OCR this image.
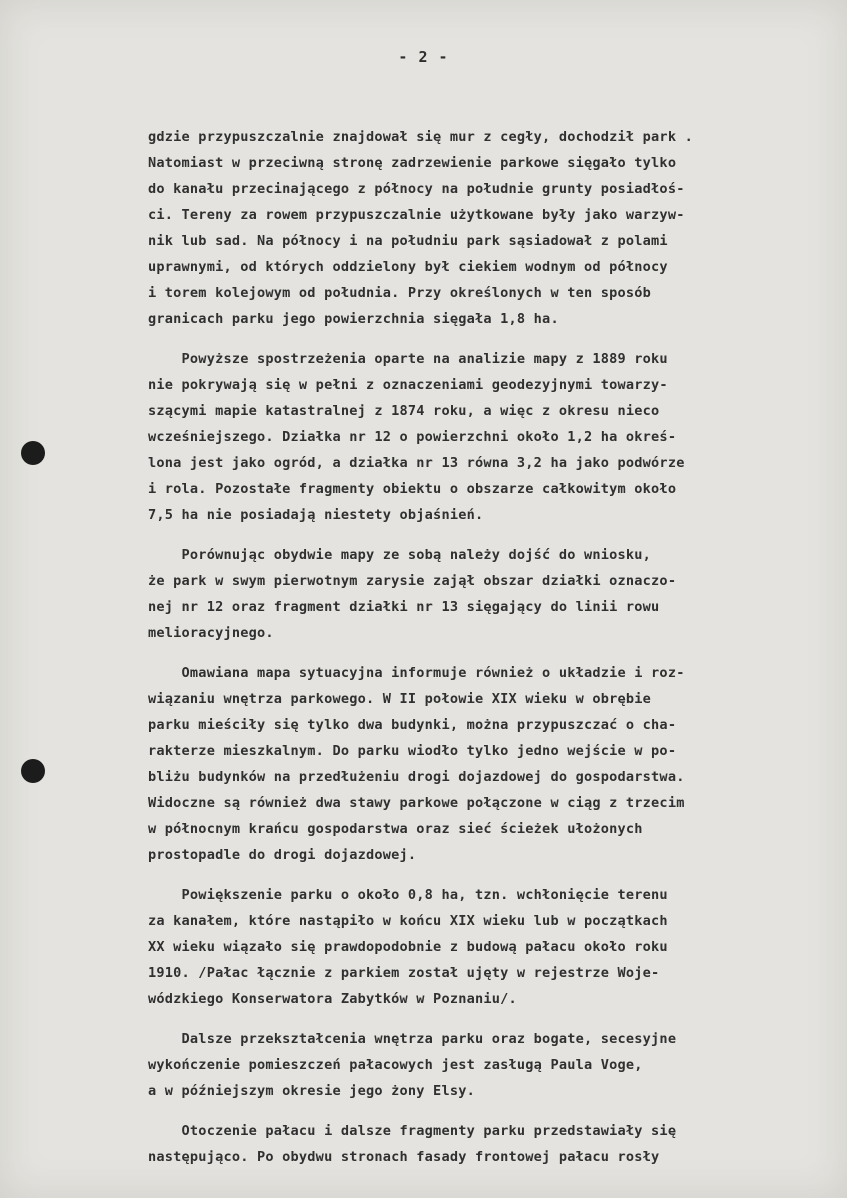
- 2 -
gdzie przypuszczalnie znajdował się mur z cegły, dochodził park .
Natomiast w przeciwną stronę zadrzewienie parkowe sięgało tylko
do kanału przecinającego z północy na południe grunty posiadłoś-
ci. Tereny za rowem przypuszczalnie użytkowane były jako warzyw-
nik lub sad. Na północy i na południu park sąsiadował z polami
uprawnymi, od których oddzielony był ciekiem wodnym od północy
i torem kolejowym od południa. Przy określonych w ten sposób
granicach parku jego powierzchnia sięgała 1,8 ha.
Powyższe spostrzeżenia oparte na analizie mapy z 1889 roku
nie pokrywają się w pełni z oznaczeniami geodezyjnymi towarzy-
szącymi mapie katastralnej z 1874 roku, a więc z okresu nieco
wcześniejszego. Działka nr 12 o powierzchni około 1,2 ha okreś-
lona jest jako ogród, a działka nr 13 równa 3,2 ha jako podwórze
i rola. Pozostałe fragmenty obiektu o obszarze całkowitym około
7,5 ha nie posiadają niestety objaśnień.
Porównując obydwie mapy ze sobą należy dojść do wniosku,
że park w swym pierwotnym zarysie zajął obszar działki oznaczo-
nej nr 12 oraz fragment działki nr 13 sięgający do linii rowu
melioracyjnego.
Omawiana mapa sytuacyjna informuje również o układzie i roz-
wiązaniu wnętrza parkowego. W II połowie XIX wieku w obrębie
parku mieściły się tylko dwa budynki, można przypuszczać o cha-
rakterze mieszkalnym. Do parku wiodło tylko jedno wejście w po-
bliżu budynków na przedłużeniu drogi dojazdowej do gospodarstwa.
Widoczne są również dwa stawy parkowe połączone w ciąg z trzecim
w północnym krańcu gospodarstwa oraz sieć ścieżek ułożonych
prostopadle do drogi dojazdowej.
Powiększenie parku o około 0,8 ha, tzn. wchłonięcie terenu
za kanałem, które nastąpiło w końcu XIX wieku lub w początkach
XX wieku wiązało się prawdopodobnie z budową pałacu około roku
1910. /Pałac łącznie z parkiem został ujęty w rejestrze Woje-
wódzkiego Konserwatora Zabytków w Poznaniu/.
Dalsze przekształcenia wnętrza parku oraz bogate, secesyjne
wykończenie pomieszczeń pałacowych jest zasługą Paula Voge,
a w późniejszym okresie jego żony Elsy.
Otoczenie pałacu i dalsze fragmenty parku przedstawiały się
następująco. Po obydwu stronach fasady frontowej pałacu rosły
